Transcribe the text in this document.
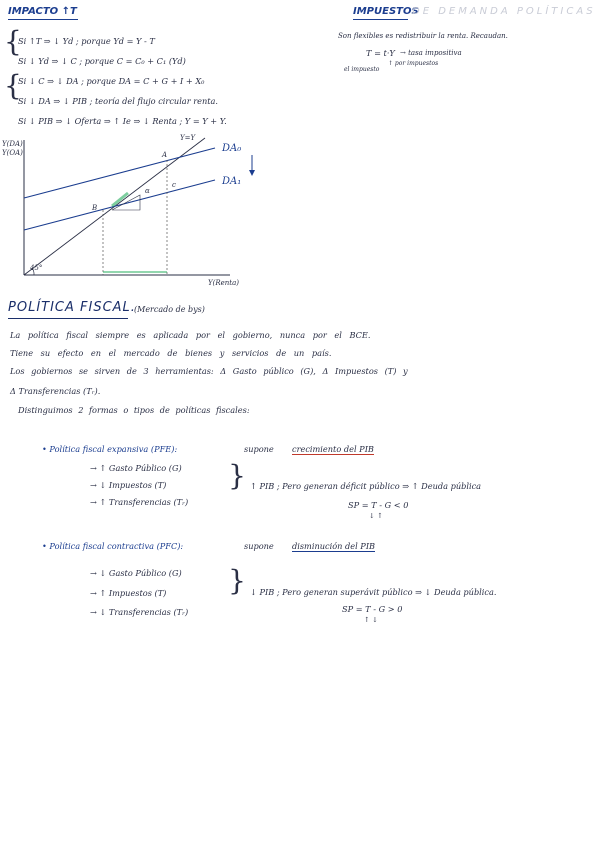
IMPACTO ↑T	IMPUESTOS
DE DEMANDA POLÍTICAS
{
{
Si ↑T ⇒ ↓ Yd ; porque Yd = Y - T
Si ↓ Yd ⇒ ↓ C ; porque C = C₀ + C₁ (Yd)
Si ↓ C ⇒ ↓ DA ; porque DA = C + G + I + X₀
Si ↓ DA ⇒ ↓ PIB ; teoría del flujo circular renta.
Si ↓ PIB ⇒ ↓ Oferta ⇒ ↑ Ie ⇒ ↓ Renta ; Y = Y + Y.
Son flexibles es redistribuir la renta. Recaudan.
T = t·Y → tasa impositiva
el impuesto
↑ por impuestos
Y(DA)
Y(OA)
Y(Renta)
Y=Y
DA₀
DA₁
45°
A
B
α
c
POLÍTICA FISCAL.
(Mercado de bys)
La política fiscal siempre es aplicada por el gobierno, nunca por el BCE.
Tiene su efecto en el mercado de bienes y servicios de un país.
Los gobiernos se sirven de 3 herramientas: Δ Gasto público (G), Δ Impuestos (T) y
Δ Transferencias (Tᵣ).
Distinguimos 2 formas o tipos de políticas fiscales:
• Política fiscal expansiva (PFE):	supone crecimiento del PIB
→ ↑ Gasto Público (G)
→ ↓ Impuestos (T)
→ ↑ Transferencias (Tᵣ)
{ ↑ PIB ; Pero generan déficit público ⇒ ↑ Deuda pública
SP = T - G < 0
↓ ↑
• Política fiscal contractiva (PFC):	supone disminución del PIB
→ ↓ Gasto Público (G)
→ ↑ Impuestos (T)
→ ↓ Transferencias (Tᵣ)
{ ↓ PIB ; Pero generan superávit público ⇒ ↓ Deuda pública.
SP = T - G > 0
↑ ↓
